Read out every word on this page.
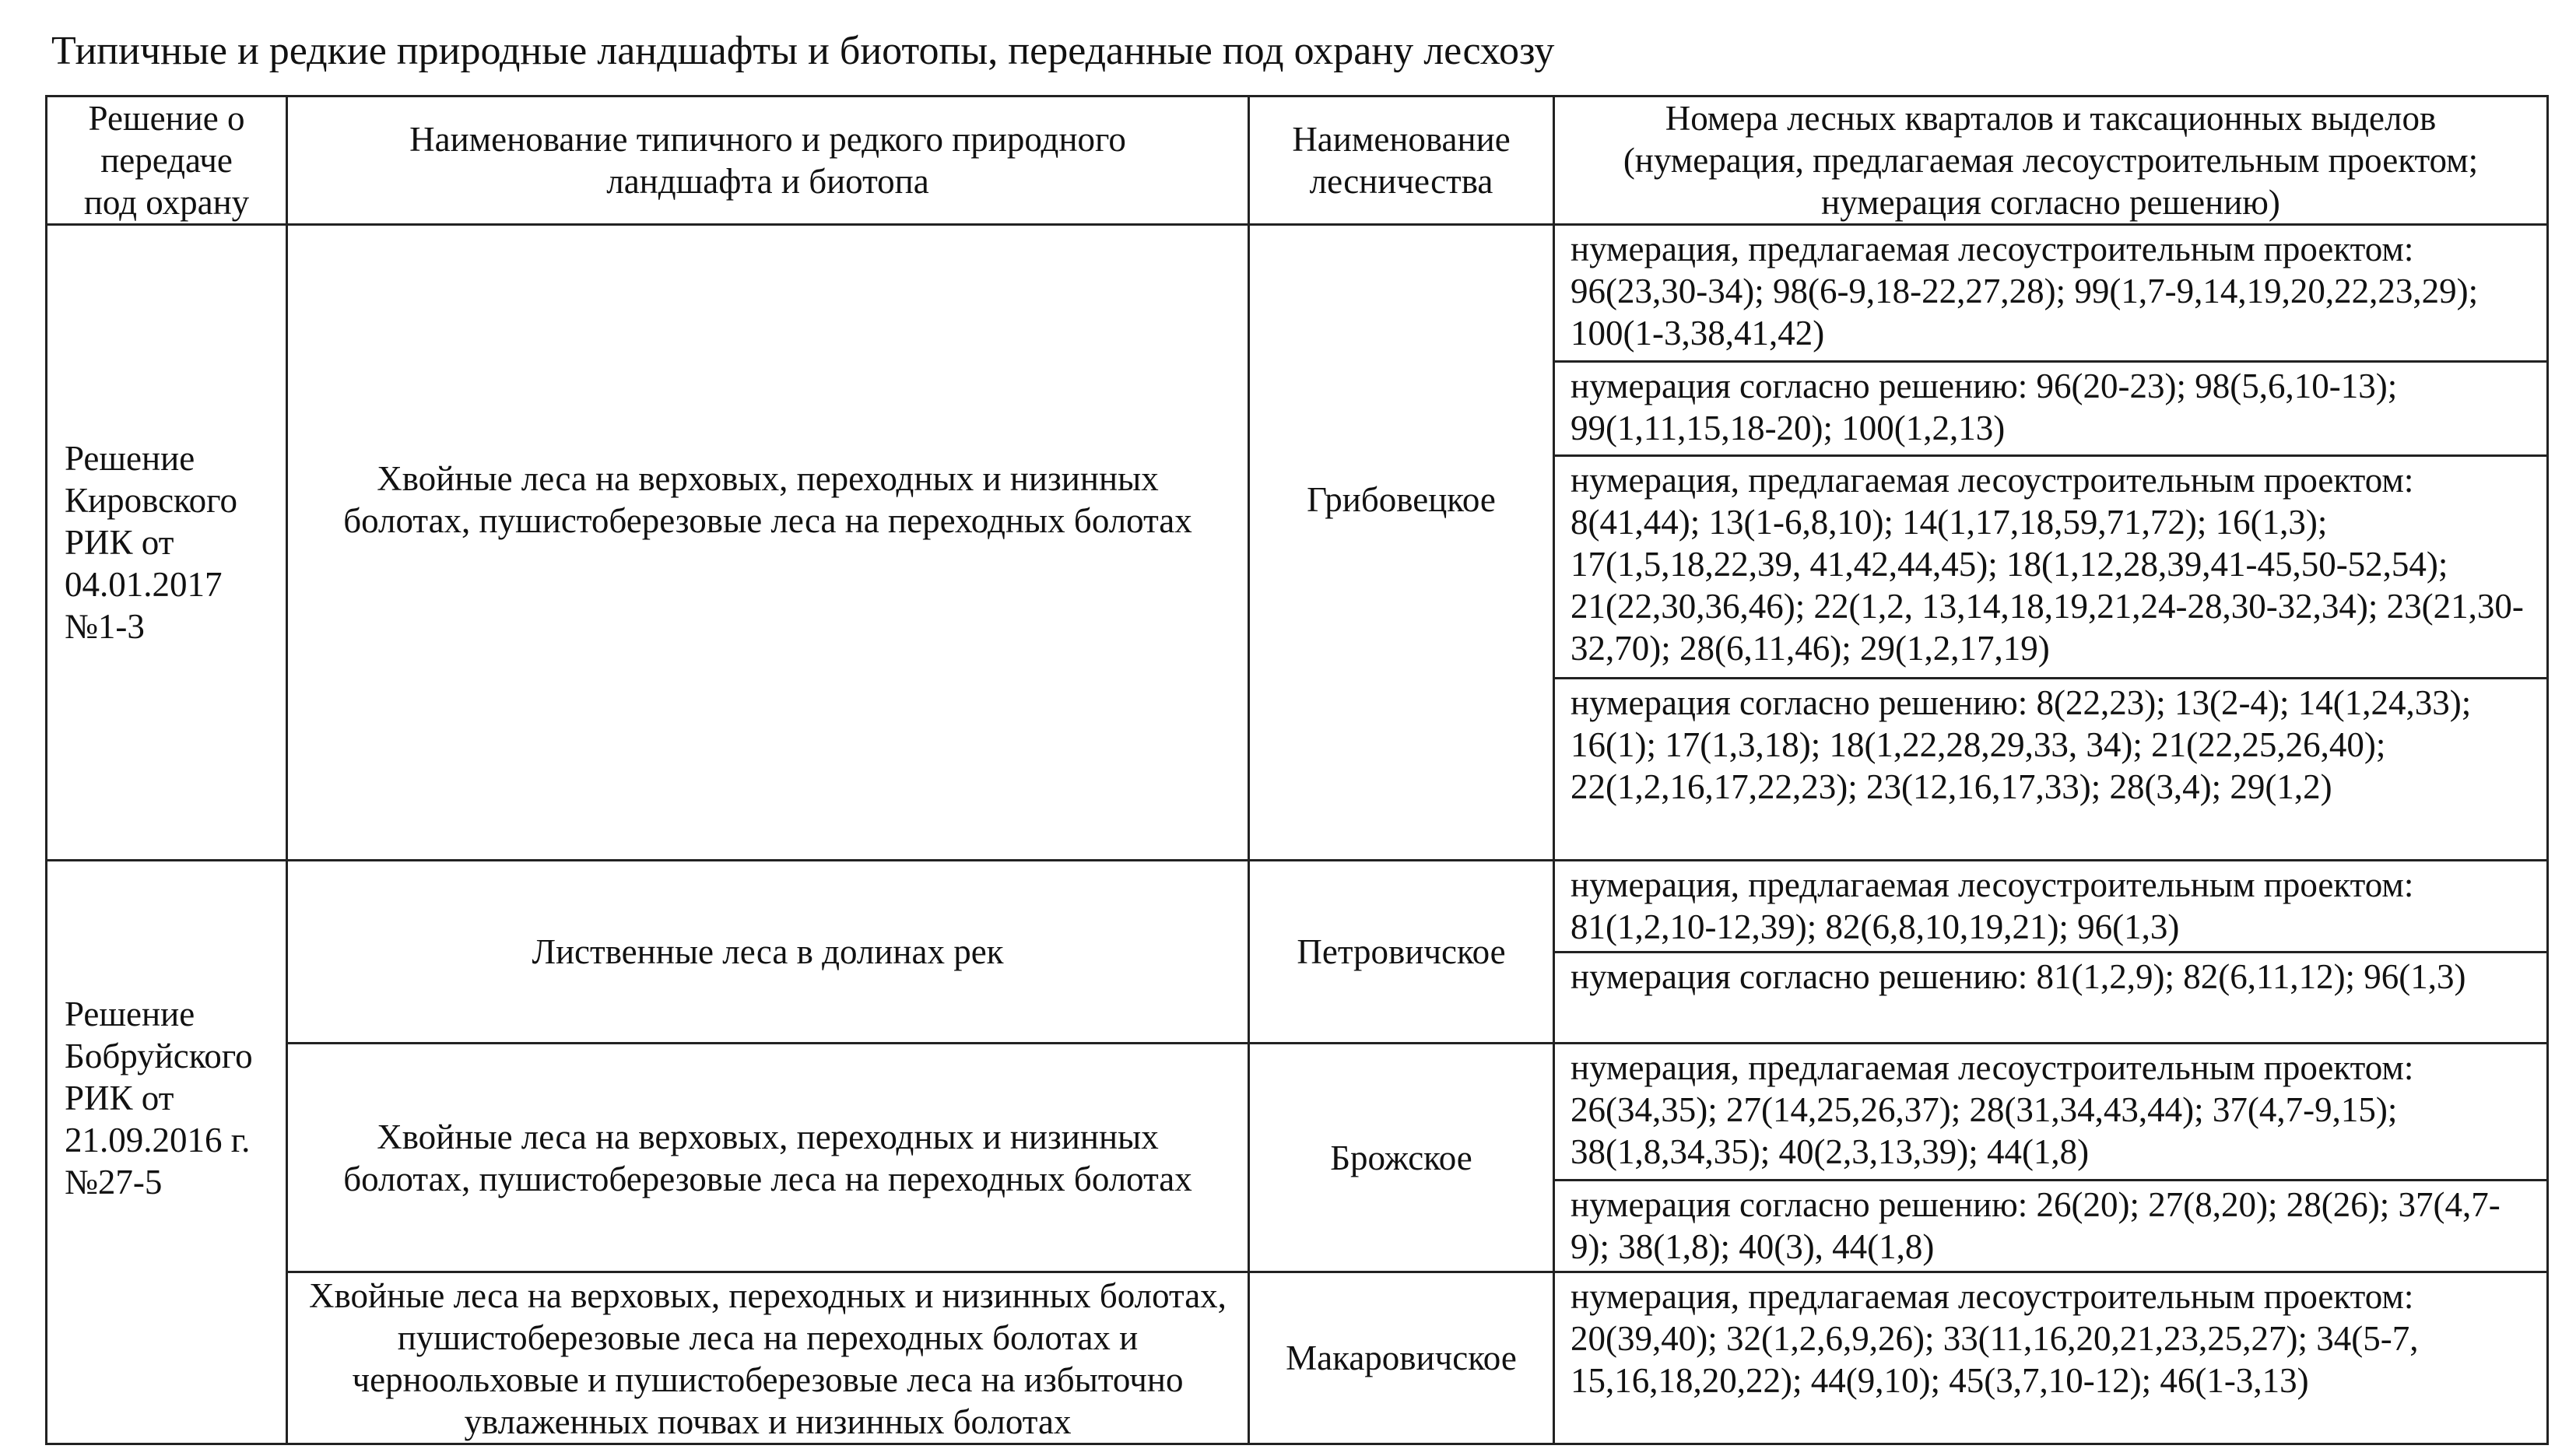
Типичные и редкие природные ландшафты и биотопы, переданные под охрану лесхозу
Решение о передаче под охрану	Наименование типичного и редкого природного ландшафта и биотопа	Наименование лесничества	Номера лесных кварталов и таксационных выделов (нумерация, предлагаемая лесоустроительным проектом; нумерация согласно решению)
Решение Кировского РИК от 04.01.2017 №1-3	Хвойные леса на верховых, переходных и низинных болотах, пушистоберезовые леса на переходных болотах	Грибовецкое	нумерация, предлагаемая лесоустроительным проектом: 96(23,30-34); 98(6-9,18-22,27,28); 99(1,7-9,14,19,20,22,23,29); 100(1-3,38,41,42)
			нумерация согласно решению: 96(20-23); 98(5,6,10-13); 99(1,11,15,18-20); 100(1,2,13)
			нумерация, предлагаемая лесоустроительным проектом: 8(41,44); 13(1-6,8,10); 14(1,17,18,59,71,72); 16(1,3); 17(1,5,18,22,39, 41,42,44,45); 18(1,12,28,39,41-45,50-52,54); 21(22,30,36,46); 22(1,2, 13,14,18,19,21,24-28,30-32,34); 23(21,30-32,70); 28(6,11,46); 29(1,2,17,19)
			нумерация согласно решению: 8(22,23); 13(2-4); 14(1,24,33); 16(1); 17(1,3,18); 18(1,22,28,29,33, 34); 21(22,25,26,40); 22(1,2,16,17,22,23); 23(12,16,17,33); 28(3,4); 29(1,2)
Решение Бобруйского РИК от 21.09.2016 г. №27-5	Лиственные леса в долинах рек	Петровичское	нумерация, предлагаемая лесоустроительным проектом: 81(1,2,10-12,39); 82(6,8,10,19,21); 96(1,3)
			нумерация согласно решению: 81(1,2,9); 82(6,11,12); 96(1,3)
	Хвойные леса на верховых, переходных и низинных болотах, пушистоберезовые леса на переходных болотах	Брожское	нумерация, предлагаемая лесоустроительным проектом: 26(34,35); 27(14,25,26,37); 28(31,34,43,44); 37(4,7-9,15); 38(1,8,34,35); 40(2,3,13,39); 44(1,8)
			нумерация согласно решению: 26(20); 27(8,20); 28(26); 37(4,7-9); 38(1,8); 40(3), 44(1,8)
	Хвойные леса на верховых, переходных и низинных болотах, пушистоберезовые леса на переходных болотах и черноольховые и пушистоберезовые леса на избыточно увлаженных почвах и низинных болотах	Макаровичское	нумерация, предлагаемая лесоустроительным проектом: 20(39,40); 32(1,2,6,9,26); 33(11,16,20,21,23,25,27); 34(5-7, 15,16,18,20,22); 44(9,10); 45(3,7,10-12); 46(1-3,13)
